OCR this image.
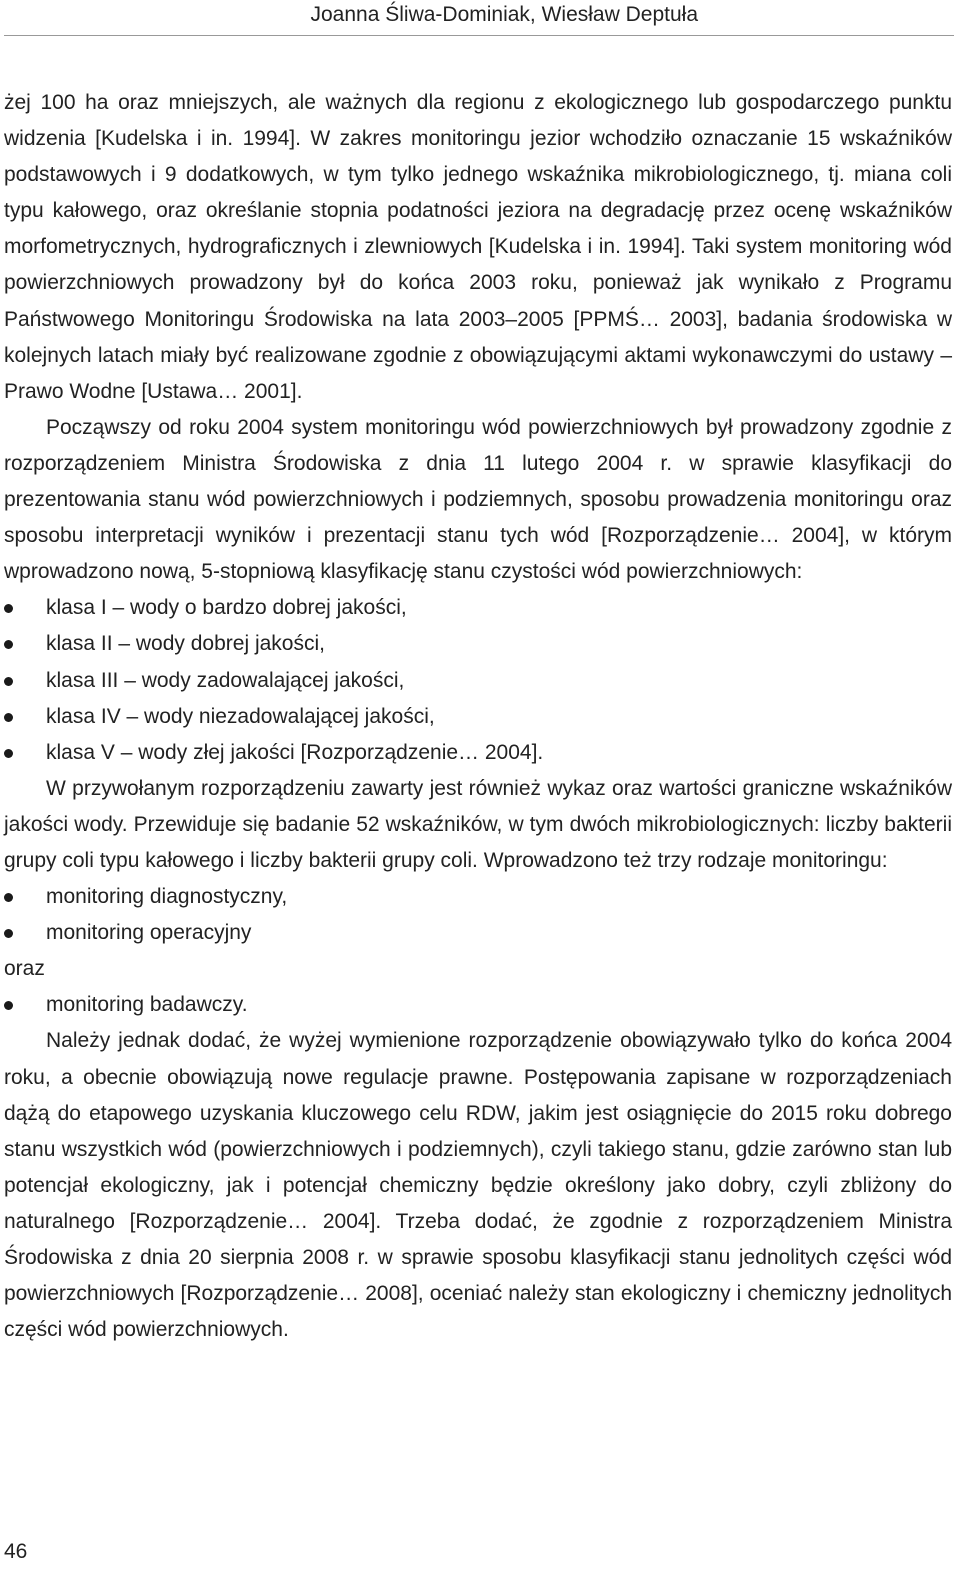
Joanna Śliwa-Dominiak, Wiesław Deptuła

żej 100 ha oraz mniejszych, ale ważnych dla regionu z ekologicznego lub gospodarczego punktu widzenia [Kudelska i in. 1994]. W zakres monitoringu jezior wchodziło oznaczanie 15 wskaźników podstawowych i 9 dodatkowych, w tym tylko jednego wskaźnika mikrobiologicznego, tj. miana coli typu kałowego, oraz określanie stopnia podatności jeziora na degradację przez ocenę wskaźników morfometrycznych, hydrograficznych i zlewniowych [Kudelska i in. 1994]. Taki system monitoring wód powierzchniowych prowadzony był do końca 2003 roku, ponieważ jak wynikało z Programu Państwowego Monitoringu Środowiska na lata 2003–2005 [PPMŚ… 2003], badania środowiska w kolejnych latach miały być realizowane zgodnie z obowiązującymi aktami wykonawczymi do ustawy – Prawo Wodne [Ustawa… 2001].

Począwszy od roku 2004 system monitoringu wód powierzchniowych był prowadzony zgodnie z rozporządzeniem Ministra Środowiska z dnia 11 lutego 2004 r. w sprawie klasyfikacji do prezentowania stanu wód powierzchniowych i podziemnych, sposobu prowadzenia monitoringu oraz sposobu interpretacji wyników i prezentacji stanu tych wód [Rozporządzenie… 2004], w którym wprowadzono nową, 5-stopniową klasyfikację stanu czystości wód powierzchniowych:

klasa I – wody o bardzo dobrej jakości,
klasa II – wody dobrej jakości,
klasa III – wody zadowalającej jakości,
klasa IV – wody niezadowalającej jakości,
klasa V – wody złej jakości [Rozporządzenie… 2004].

W przywołanym rozporządzeniu zawarty jest również wykaz oraz wartości graniczne wskaźników jakości wody. Przewiduje się badanie 52 wskaźników, w tym dwóch mikrobiologicznych: liczby bakterii grupy coli typu kałowego i liczby bakterii grupy coli. Wprowadzono też trzy rodzaje monitoringu:

monitoring diagnostyczny,
monitoring operacyjny

oraz

monitoring badawczy.

Należy jednak dodać, że wyżej wymienione rozporządzenie obowiązywało tylko do końca 2004 roku, a obecnie obowiązują nowe regulacje prawne. Postępowania zapisane w rozporządzeniach dążą do etapowego uzyskania kluczowego celu RDW, jakim jest osiągnięcie do 2015 roku dobrego stanu wszystkich wód (powierzchniowych i podziemnych), czyli takiego stanu, gdzie zarówno stan lub potencjał ekologiczny, jak i potencjał chemiczny będzie określony jako dobry, czyli zbliżony do naturalnego [Rozporządzenie… 2004]. Trzeba dodać, że zgodnie z rozporządzeniem Ministra Środowiska z dnia 20 sierpnia 2008 r. w sprawie sposobu klasyfikacji stanu jednolitych części wód powierzchniowych [Rozporządzenie… 2008], oceniać należy stan ekologiczny i chemiczny jednolitych części wód powierzchniowych.

46
